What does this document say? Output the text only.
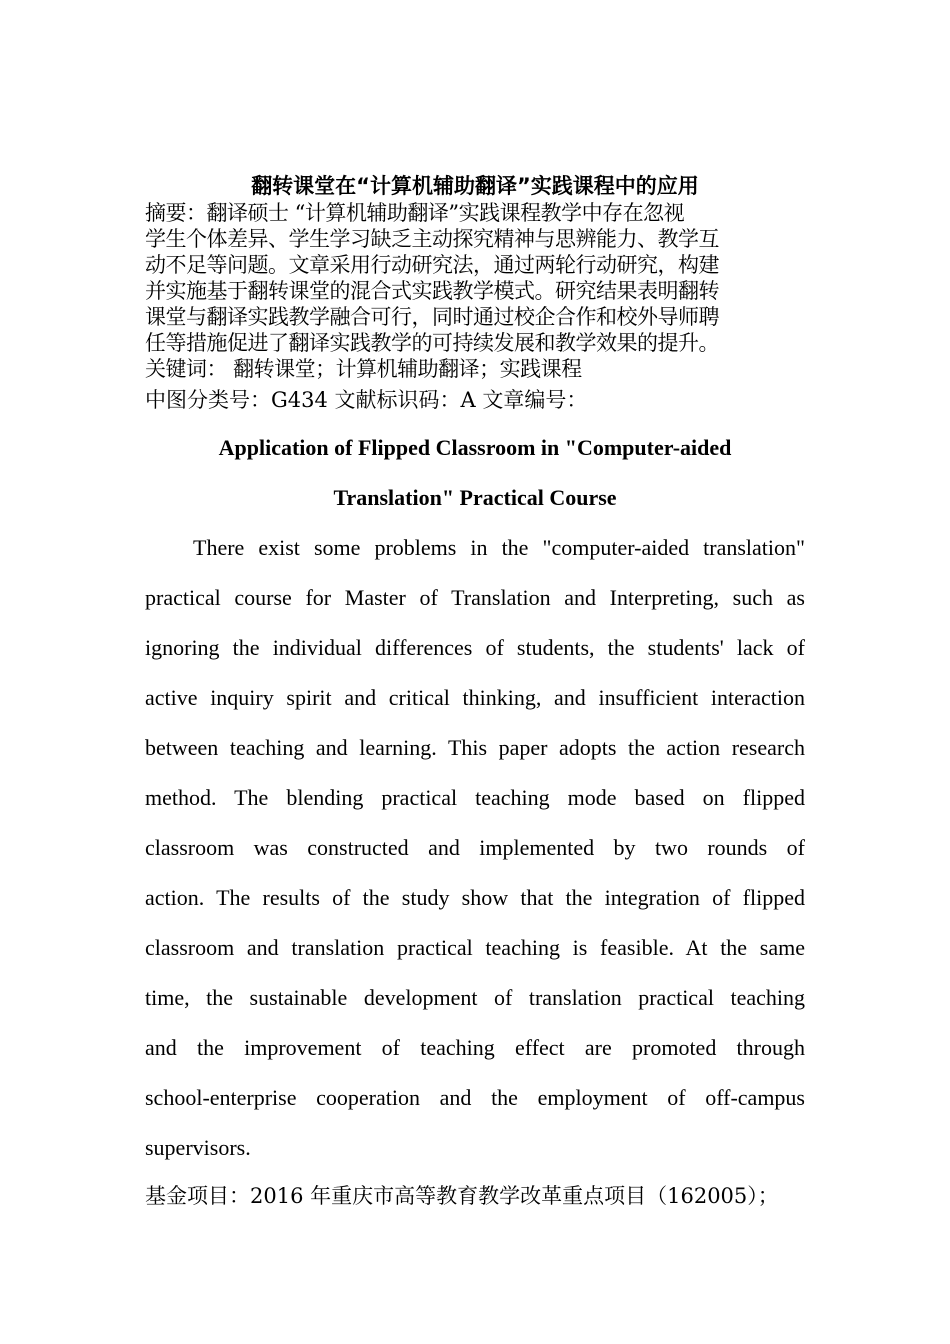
翻转课堂在“计算机辅助翻译”实践课程中的应用
摘要：翻译硕士 “计算机辅助翻译”实践课程教学中存在忽视
学生个体差异、学生学习缺乏主动探究精神与思辨能力、教学互
动不足等问题。文章采用行动研究法，通过两轮行动研究，构建
并实施基于翻转课堂的混合式实践教学模式。研究结果表明翻转
课堂与翻译实践教学融合可行，同时通过校企合作和校外导师聘
任等措施促进了翻译实践教学的可持续发展和教学效果的提升。
关键词： 翻转课堂；计算机辅助翻译；实践课程
中图分类号：G434 文献标识码：A 文章编号：
Application of Flipped Classroom in "Computer-aided
Translation" Practical Course
There exist some problems in the "computer-aided translation"
practical course for Master of Translation and Interpreting, such as
ignoring the individual differences of students, the students' lack of
active inquiry spirit and critical thinking, and insufficient interaction
between teaching and learning. This paper adopts the action research
method. The blending practical teaching mode based on flipped
classroom was constructed and implemented by two rounds of
action. The results of the study show that the integration of flipped
classroom and translation practical teaching is feasible. At the same
time, the sustainable development of translation practical teaching
and the improvement of teaching effect are promoted through
school-enterprise cooperation and the employment of off-campus
supervisors.
基金项目：2016 年重庆市高等教育教学改革重点项目（162005）；
